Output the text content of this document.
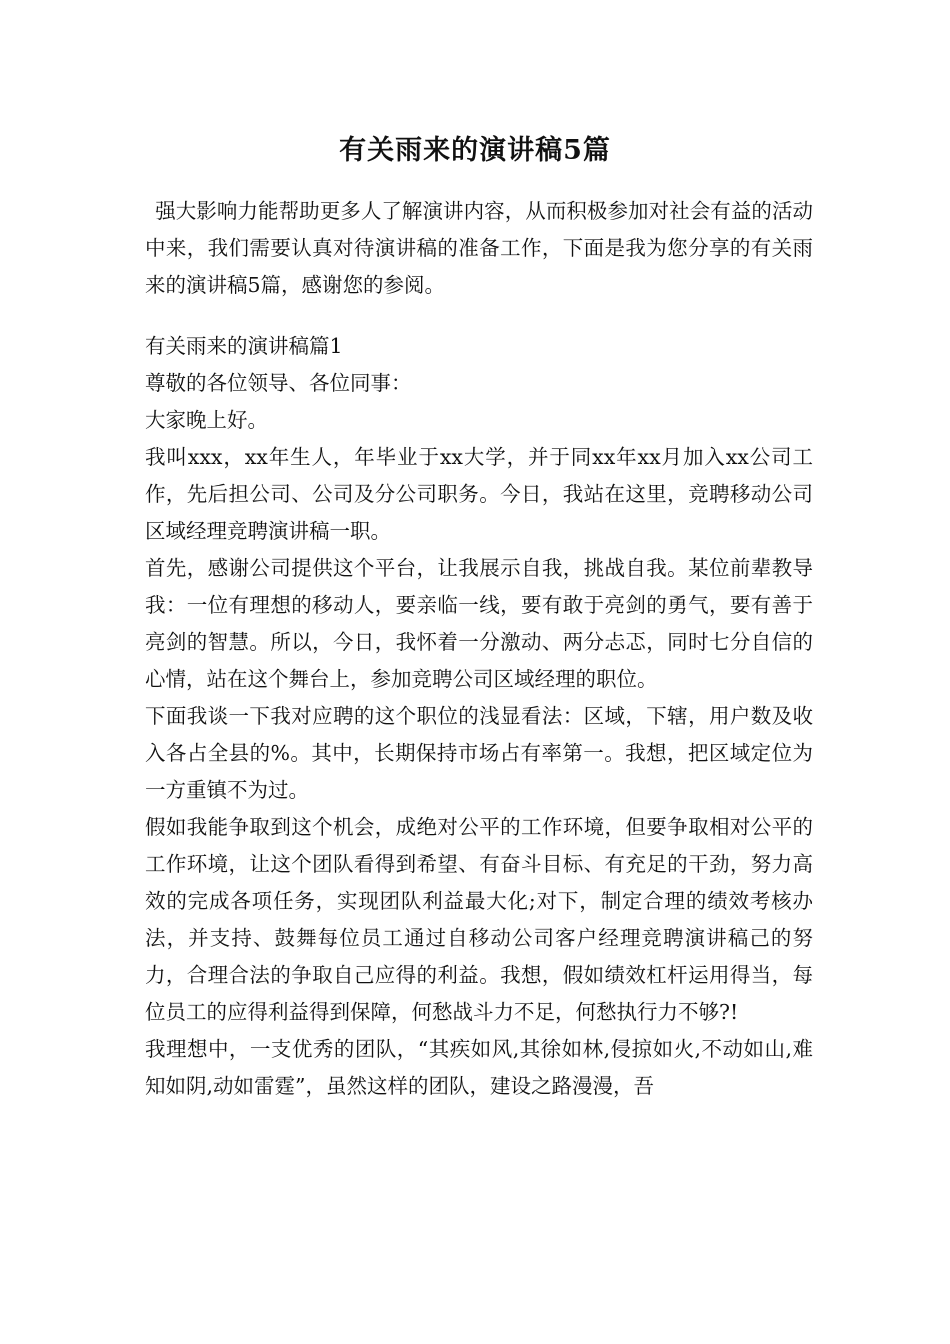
有关雨来的演讲稿5篇

强大影响力能帮助更多人了解演讲内容，从而积极参加对社会有益的活动中来，我们需要认真对待演讲稿的准备工作，下面是我为您分享的有关雨来的演讲稿5篇，感谢您的参阅。

有关雨来的演讲稿篇1

尊敬的各位领导、各位同事：

大家晚上好。

我叫xxx，xx年生人，年毕业于xx大学，并于同xx年xx月加入xx公司工作，先后担公司、公司及分公司职务。今日，我站在这里，竞聘移动公司区域经理竞聘演讲稿一职。

首先，感谢公司提供这个平台，让我展示自我，挑战自我。某位前辈教导我：一位有理想的移动人，要亲临一线，要有敢于亮剑的勇气，要有善于亮剑的智慧。所以，今日，我怀着一分激动、两分忐忑，同时七分自信的心情，站在这个舞台上，参加竞聘公司区域经理的职位。

下面我谈一下我对应聘的这个职位的浅显看法：区域，下辖，用户数及收入各占全县的%。其中，长期保持市场占有率第一。我想，把区域定位为一方重镇不为过。

假如我能争取到这个机会，成绝对公平的工作环境，但要争取相对公平的工作环境，让这个团队看得到希望、有奋斗目标、有充足的干劲，努力高效的完成各项任务，实现团队利益最大化;对下，制定合理的绩效考核办法，并支持、鼓舞每位员工通过自移动公司客户经理竞聘演讲稿己的努力，合理合法的争取自己应得的利益。我想，假如绩效杠杆运用得当，每位员工的应得利益得到保障，何愁战斗力不足，何愁执行力不够?!

我理想中，一支优秀的团队，“其疾如风,其徐如林,侵掠如火,不动如山,难知如阴,动如雷霆”，虽然这样的团队，建设之路漫漫，吾
